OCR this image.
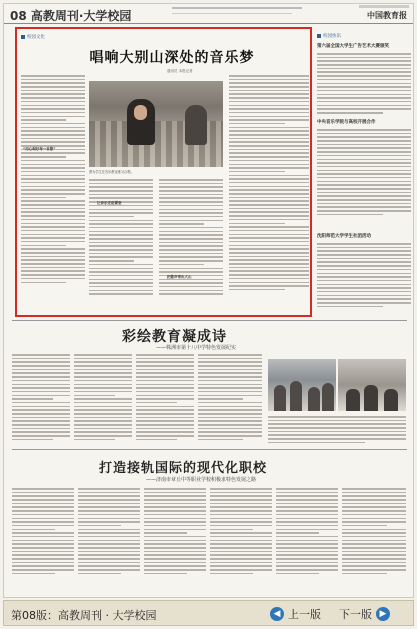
08 高教周刊·大学校园	中国教育报
校园文化
唱响大别山深处的音乐梦
通讯员 本报记者
“用心唱好每一首歌”
图为学生在音乐教室练习合唱。
让音乐走进课堂
把歌声带出大山
校园快讯
第六届全国大学生广告艺术大赛颁奖
中央音乐学院与高校开展合作
沈阳师范大学学生社团活动
彩绘教育凝成诗
——株洲市第十八中学特色发展纪实
打造接轨国际的现代化职校
——济南市章丘中等职业学校积极求特色发展之路
第08版：高教周刊 · 大学校园	◀ 上一版 下一版 ▶
